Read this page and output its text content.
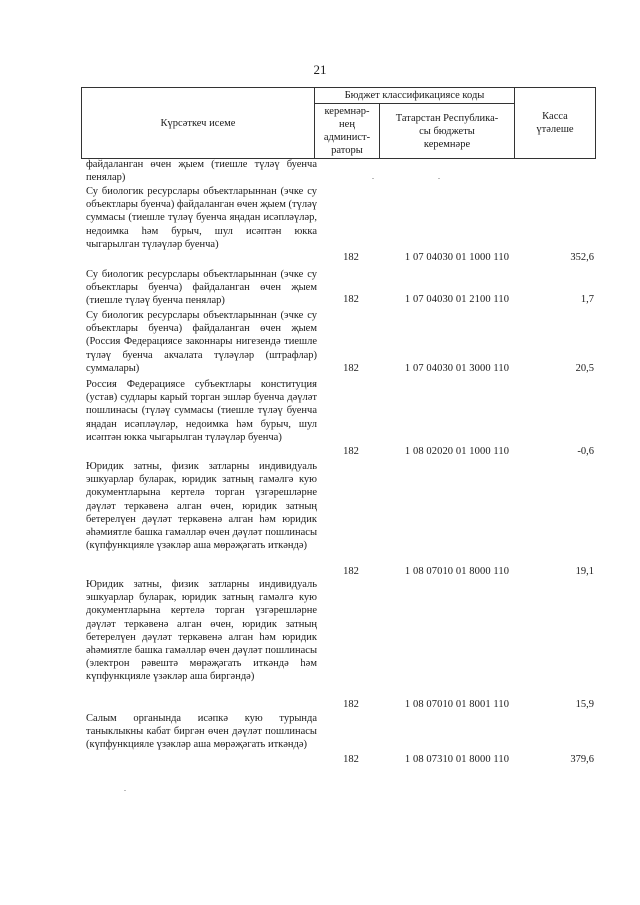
21
Күрсәткеч исеме	Бюджет классификациясе коды		Касса
үтәлеше
	керемнәр-
нең
админист-
раторы	Татарстан Республика-
сы бюджеты
керемнәре	
файдаланган өчен җыем (тиешле түләү буенча пенялар)
Су биологик ресурслары объектларыннан (эчке су объектлары буенча) файдаланган өчен җыем (түләү суммасы (тиешле түләү буенча яңадан исәпләүләр, недоимка һәм бурыч, шул исәптән юкка чыгарылган түләүләр буенча)
182	1 07 04030 01 1000 110	352,6
Су биологик ресурслары объектларыннан (эчке су объектлары буенча) файдаланган өчен җыем (тиешле түләү буенча пенялар)	182	1 07 04030 01 2100 110	1,7
Су биологик ресурслары объектларыннан (эчке су объектлары буенча) файдаланган өчен җыем (Россия Федерациясе законнары нигезендә тиешле түләү буенча акчалата түләүләр (штрафлар) суммалары)	182	1 07 04030 01 3000 110	20,5
Россия Федерациясе субъектлары конституция (устав) судлары карый торган эшләр буенча дәүләт пошлинасы (түләү суммасы (тиешле түләү буенча яңадан исәпләүләр, недоимка һәм бурыч, шул исәптән юкка чыгарылган түләүләр буенча)
182	1 08 02020 01 1000 110	-0,6
Юридик затны, физик затларны индивидуаль эшкуарлар буларак, юридик затның гамәлгә кую документларына кертелә торган үзгәрешләрне дәүләт теркәвенә алган өчен, юридик затның бетерелүен дәүләт теркәвенә алган һәм юридик әһәмиятле башка гамәлләр өчен дәүләт пошлинасы (күпфункцияле үзәкләр аша мөрәҗәгать иткәндә)
182	1 08 07010 01 8000 110	19,1
Юридик затны, физик затларны индивидуаль эшкуарлар буларак, юридик затның гамәлгә кую документларына кертелә торган үзгәрешләрне дәүләт теркәвенә алган өчен, юридик затның бетерелүен дәүләт теркәвенә алган һәм юридик әһәмиятле башка гамәлләр өчен дәүләт пошлинасы (электрон рәвештә мөрәҗәгать иткәндә һәм күпфункцияле үзәкләр аша биргәндә)
182	1 08 07010 01 8001 110	15,9
Салым органында исәпкә кую турында таныклыкны кабат биргән өчен дәүләт пошлинасы (күпфункцияле үзәкләр аша мөрәҗәгать иткәндә)
182	1 08 07310 01 8000 110	379,6
